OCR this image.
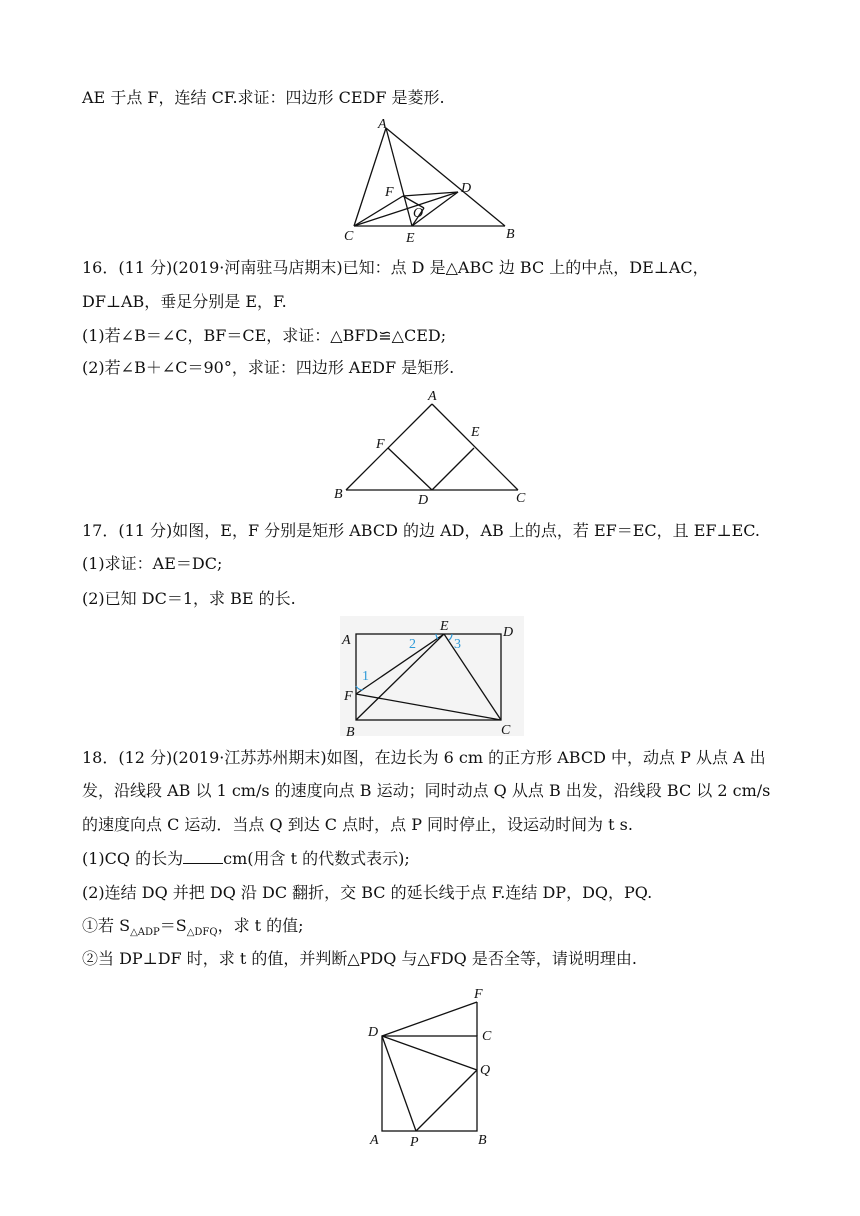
AE 于点 F，连结 CF.求证：四边形 CEDF 是菱形.
A
B
C
D
E
F
O
16．(11 分)(2019·河南驻马店期末)已知：点 D 是△ABC 边 BC 上的中点，DE⊥AC，
DF⊥AB，垂足分别是 E，F.
(1)若∠B＝∠C，BF＝CE，求证：△BFD≌△CED;
(2)若∠B＋∠C＝90°，求证：四边形 AEDF 是矩形.
A
B	C
D
E
F
17．(11 分)如图，E，F 分别是矩形 ABCD 的边 AD，AB 上的点，若 EF＝EC，且 EF⊥EC.
(1)求证：AE＝DC;
(2)已知 DC＝1，求 BE 的长.
A
B	C
D
E
F
1
2	3
18．(12 分)(2019·江苏苏州期末)如图，在边长为 6 cm 的正方形 ABCD 中，动点 P 从点 A 出
发，沿线段 AB 以 1 cm/s 的速度向点 B 运动；同时动点 Q 从点 B 出发，沿线段 BC 以 2 cm/s
的速度向点 C 运动．当点 Q 到达 C 点时，点 P 同时停止，设运动时间为 t s.
(1)CQ 的长为	cm(用含 t 的代数式表示);
(2)连结 DQ 并把 DQ 沿 DC 翻折，交 BC 的延长线于点 F.连结 DP，DQ，PQ.
①若 $S_{\triangle ADP}=S_{\triangle DFQ}$，求 t 的值;
②当 DP⊥DF 时，求 t 的值，并判断△PDQ 与△FDQ 是否全等，请说明理由.
A	B
C
D
F
P
Q
